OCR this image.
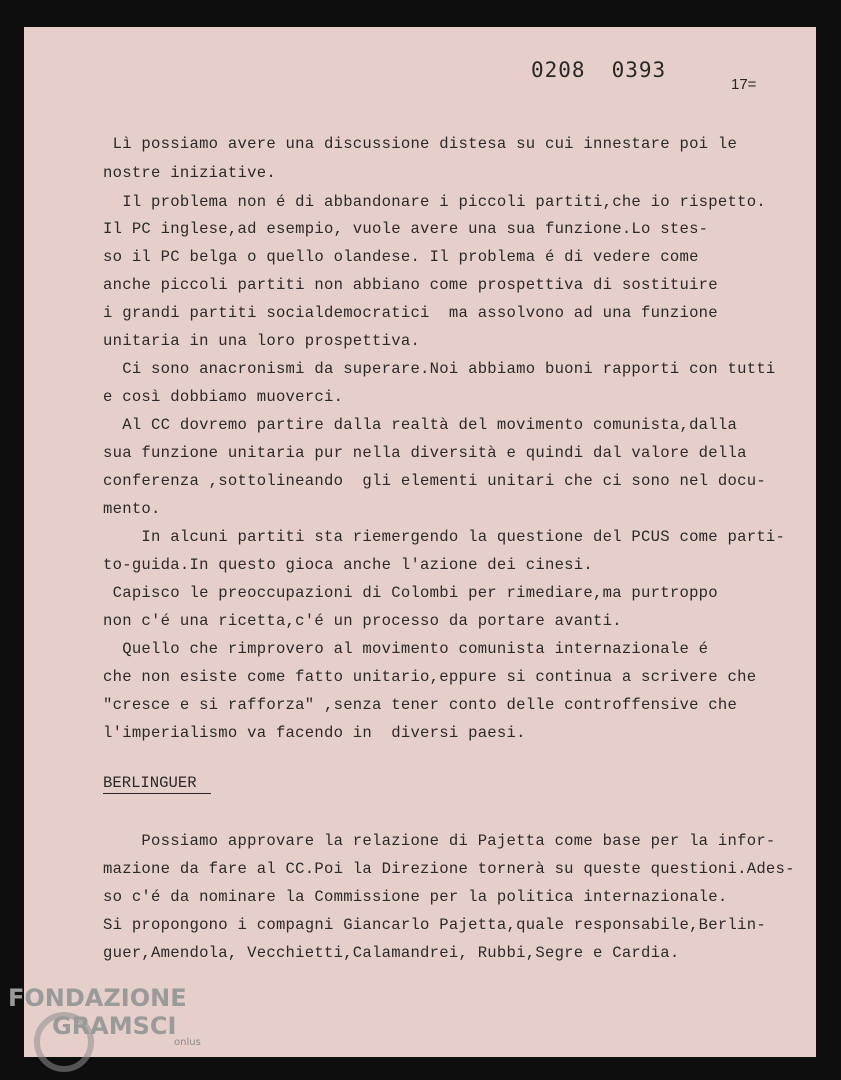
0208 0393
17=
Lì possiamo avere una discussione distesa su cui innestare poi le
nostre iniziative.
Il problema non é di abbandonare i piccoli partiti,che io rispetto.
Il PC inglese,ad esempio, vuole avere una sua funzione.Lo stes-
so il PC belga o quello olandese. Il problema é di vedere come
anche piccoli partiti non abbiano come prospettiva di sostituire
i grandi partiti socialdemocratici  ma assolvono ad una funzione
unitaria in una loro prospettiva.
Ci sono anacronismi da superare.Noi abbiamo buoni rapporti con tutti
e così dobbiamo muoverci.
Al CC dovremo partire dalla realtà del movimento comunista,dalla
sua funzione unitaria pur nella diversità e quindi dal valore della
conferenza ,sottolineando  gli elementi unitari che ci sono nel docu-
mento.
In alcuni partiti sta riemergendo la questione del PCUS come parti-
to-guida.In questo gioca anche l'azione dei cinesi.
Capisco le preoccupazioni di Colombi per rimediare,ma purtroppo
non c'é una ricetta,c'é un processo da portare avanti.
Quello che rimprovero al movimento comunista internazionale é
che non esiste come fatto unitario,eppure si continua a scrivere che
"cresce e si rafforza" ,senza tener conto delle controffensive che
l'imperialismo va facendo in  diversi paesi.
BERLINGUER
Possiamo approvare la relazione di Pajetta come base per la infor-
mazione da fare al CC.Poi la Direzione tornerà su queste questioni.Ades-
so c'é da nominare la Commissione per la politica internazionale.
Si propongono i compagni Giancarlo Pajetta,quale responsabile,Berlin-
guer,Amendola, Vecchietti,Calamandrei, Rubbi,Segre e Cardia.
FONDAZIONE
GRAMSCI
onlus
